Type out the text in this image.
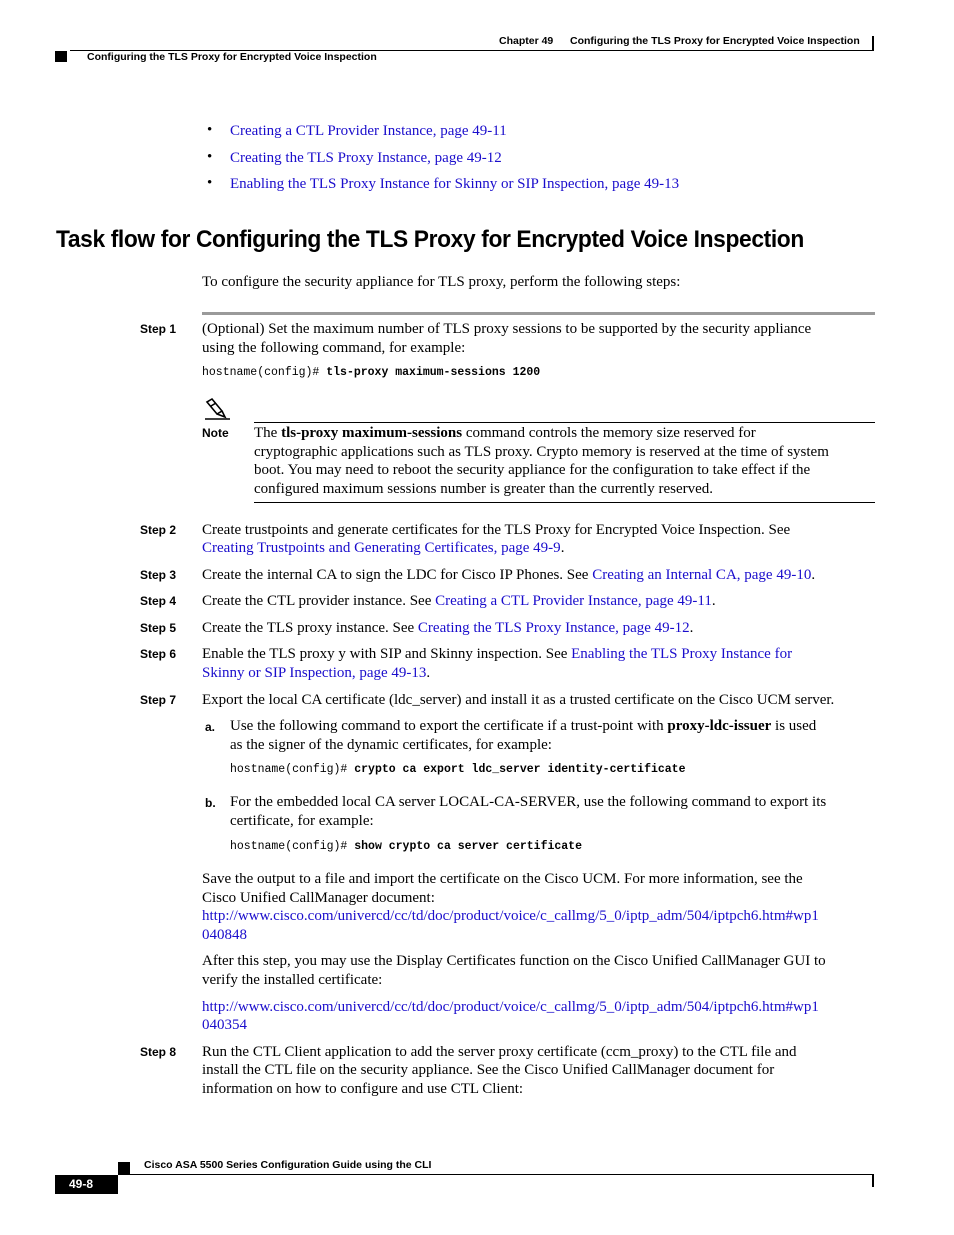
Chapter 49 Configuring the TLS Proxy for Encrypted Voice Inspection
Configuring the TLS Proxy for Encrypted Voice Inspection
• Creating a CTL Provider Instance, page 49-11
• Creating the TLS Proxy Instance, page 49-12
• Enabling the TLS Proxy Instance for Skinny or SIP Inspection, page 49-13
Task flow for Configuring the TLS Proxy for Encrypted Voice Inspection
To configure the security appliance for TLS proxy, perform the following steps:
Step 1 (Optional) Set the maximum number of TLS proxy sessions to be supported by the security appliance
using the following command, for example:
hostname(config)# tls-proxy maximum-sessions 1200
Note The tls-proxy maximum-sessions command controls the memory size reserved for
cryptographic applications such as TLS proxy. Crypto memory is reserved at the time of system
boot. You may need to reboot the security appliance for the configuration to take effect if the
configured maximum sessions number is greater than the currently reserved.
Step 2 Create trustpoints and generate certificates for the TLS Proxy for Encrypted Voice Inspection. See
Creating Trustpoints and Generating Certificates, page 49-9.
Step 3 Create the internal CA to sign the LDC for Cisco IP Phones. See Creating an Internal CA, page 49-10.
Step 4 Create the CTL provider instance. See Creating a CTL Provider Instance, page 49-11.
Step 5 Create the TLS proxy instance. See Creating the TLS Proxy Instance, page 49-12.
Step 6 Enable the TLS proxy y with SIP and Skinny inspection. See Enabling the TLS Proxy Instance for
Skinny or SIP Inspection, page 49-13.
Step 7 Export the local CA certificate (ldc_server) and install it as a trusted certificate on the Cisco UCM server.
a. Use the following command to export the certificate if a trust-point with proxy-ldc-issuer is used
as the signer of the dynamic certificates, for example:
hostname(config)# crypto ca export ldc_server identity-certificate
b. For the embedded local CA server LOCAL-CA-SERVER, use the following command to export its
certificate, for example:
hostname(config)# show crypto ca server certificate
Save the output to a file and import the certificate on the Cisco UCM. For more information, see the
Cisco Unified CallManager document:
http://www.cisco.com/univercd/cc/td/doc/product/voice/c_callmg/5_0/iptp_adm/504/iptpch6.htm#wp1
040848
After this step, you may use the Display Certificates function on the Cisco Unified CallManager GUI to
verify the installed certificate:
http://www.cisco.com/univercd/cc/td/doc/product/voice/c_callmg/5_0/iptp_adm/504/iptpch6.htm#wp1
040354
Step 8 Run the CTL Client application to add the server proxy certificate (ccm_proxy) to the CTL file and
install the CTL file on the security appliance. See the Cisco Unified CallManager document for
information on how to configure and use CTL Client:
Cisco ASA 5500 Series Configuration Guide using the CLI
49-8
